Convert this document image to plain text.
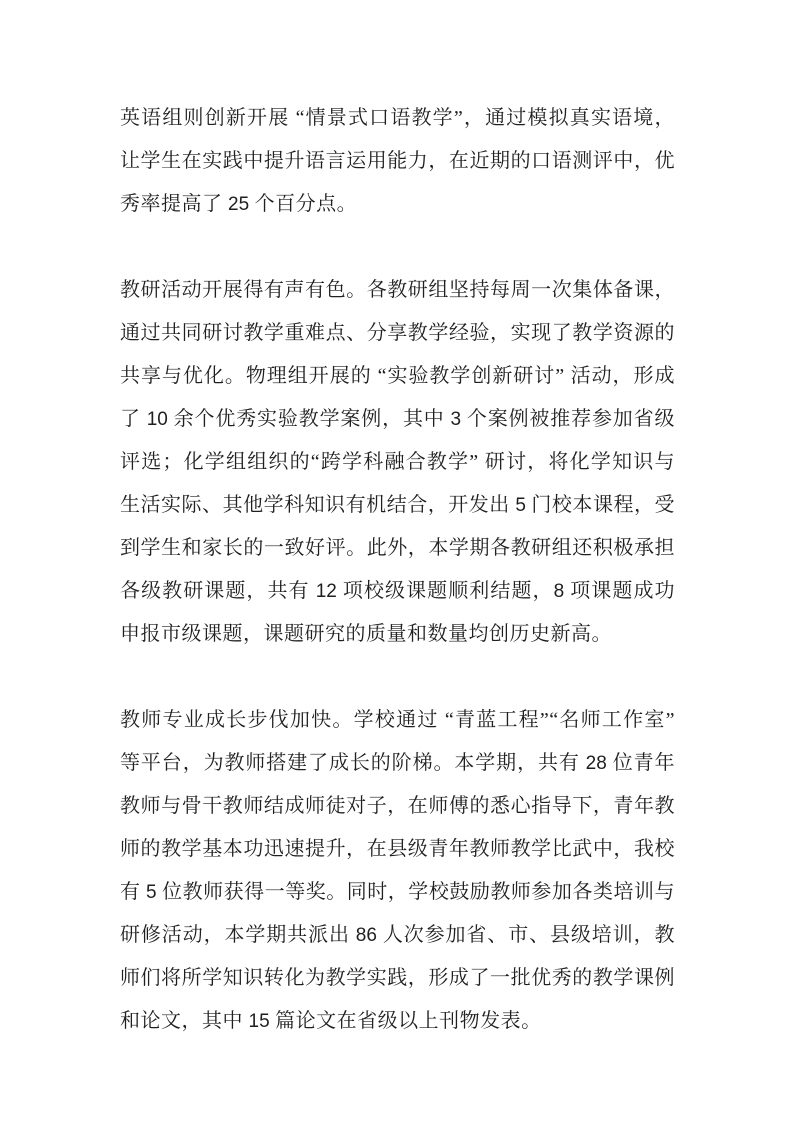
英语组则创新开展 “情景式口语教学”，通过模拟真实语境，让学生在实践中提升语言运用能力，在近期的口语测评中，优秀率提高了 25 个百分点。

教研活动开展得有声有色。各教研组坚持每周一次集体备课，通过共同研讨教学重难点、分享教学经验，实现了教学资源的共享与优化。物理组开展的 “实验教学创新研讨” 活动，形成了 10 余个优秀实验教学案例，其中 3 个案例被推荐参加省级评选；化学组组织的“跨学科融合教学” 研讨，将化学知识与生活实际、其他学科知识有机结合，开发出 5 门校本课程，受到学生和家长的一致好评。此外，本学期各教研组还积极承担各级教研课题，共有 12 项校级课题顺利结题，8 项课题成功申报市级课题，课题研究的质量和数量均创历史新高。

教师专业成长步伐加快。学校通过 “青蓝工程”“名师工作室” 等平台，为教师搭建了成长的阶梯。本学期，共有 28 位青年教师与骨干教师结成师徒对子，在师傅的悉心指导下，青年教师的教学基本功迅速提升，在县级青年教师教学比武中，我校有 5 位教师获得一等奖。同时，学校鼓励教师参加各类培训与研修活动，本学期共派出 86 人次参加省、市、县级培训，教师们将所学知识转化为教学实践，形成了一批优秀的教学课例和论文，其中 15 篇论文在省级以上刊物发表。
